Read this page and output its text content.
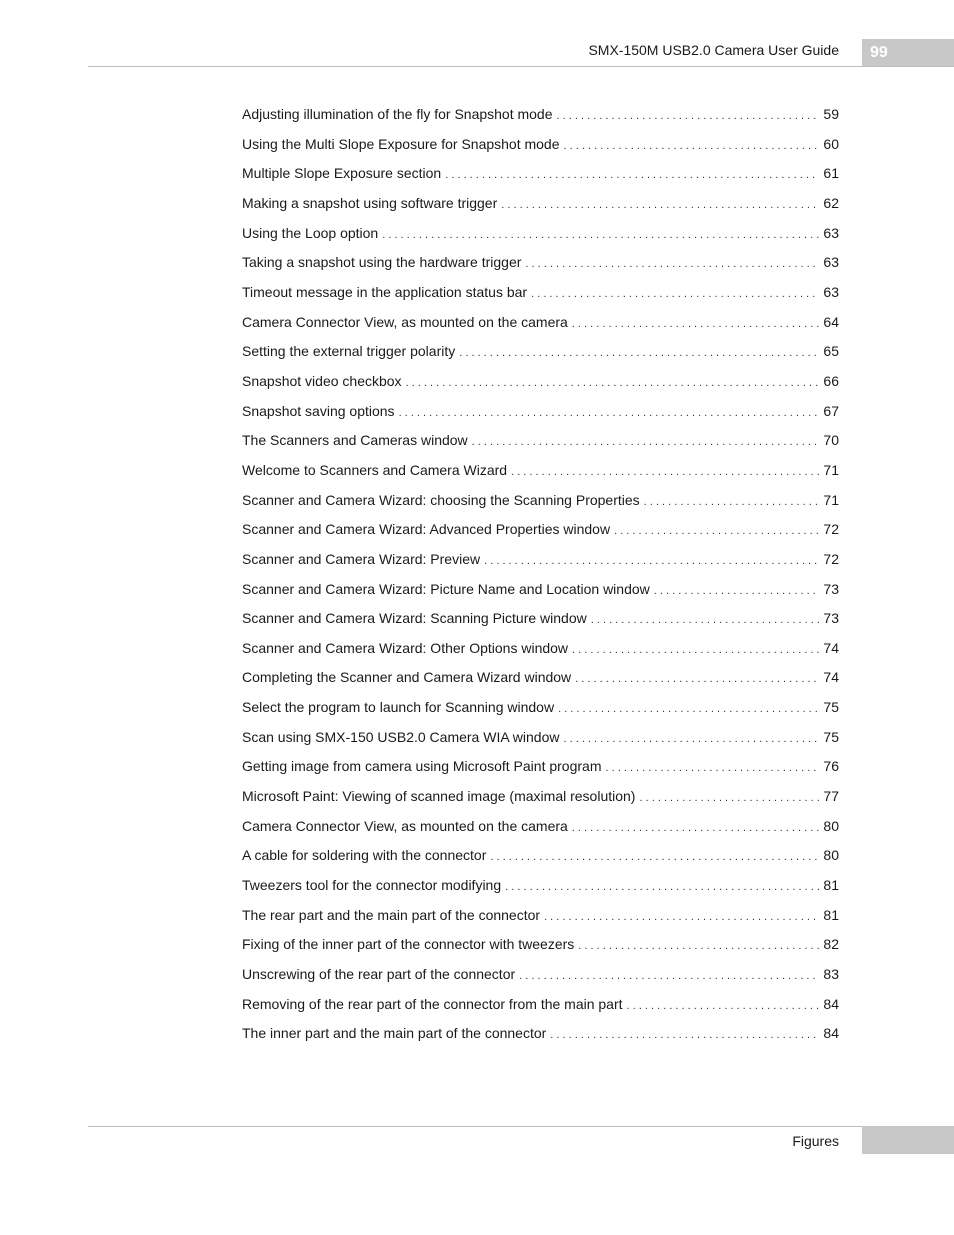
SMX-150M USB2.0 Camera User Guide	99
Adjusting illumination of the fly for Snapshot mode . . .	59
Using the Multi Slope Exposure for Snapshot mode . . .	60
Multiple Slope Exposure section . . .	61
Making a snapshot using software trigger . . .	62
Using the Loop option . . .	63
Taking a snapshot using the hardware trigger . . .	63
Timeout message in the application status bar . . .	63
Camera Connector View, as mounted on the camera . . .	64
Setting the external trigger polarity . . .	65
Snapshot video checkbox . . .	66
Snapshot saving options . . .	67
The Scanners and Cameras window . . .	70
Welcome to Scanners and Camera Wizard . . .	71
Scanner and Camera Wizard: choosing the Scanning Properties . . .	71
Scanner and Camera Wizard: Advanced Properties window . . .	72
Scanner and Camera Wizard: Preview . . .	72
Scanner and Camera Wizard: Picture Name and Location window . . .	73
Scanner and Camera Wizard: Scanning Picture window . . .	73
Scanner and Camera Wizard: Other Options window . . .	74
Completing the Scanner and Camera Wizard window . . .	74
Select the program to launch for Scanning window . . .	75
Scan using SMX-150 USB2.0 Camera WIA window . . .	75
Getting image from camera using Microsoft Paint program . . .	76
Microsoft Paint: Viewing of scanned image (maximal resolution) . . .	77
Camera Connector View, as mounted on the camera . . .	80
A cable for soldering with the connector . . .	80
Tweezers tool for the connector modifying . . .	81
The rear part and the main part of the connector . . .	81
Fixing of the inner part of the connector with tweezers . . .	82
Unscrewing of the rear part of the connector . . .	83
Removing of the rear part of the connector from the main part . . .	84
The inner part and the main part of the connector . . .	84
Figures
